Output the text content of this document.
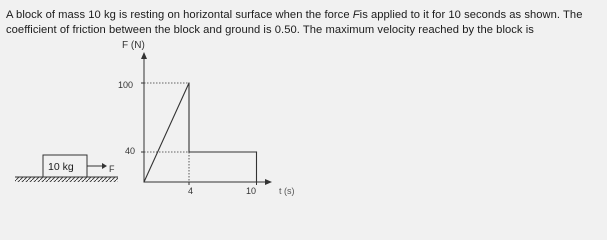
A block of mass 10 kg is resting on horizontal surface when the force Fis applied to it for 10 seconds as shown. The

coefficient of friction between the block and ground is 0.50. The maximum velocity reached by the block is

10 kg	F
F (N)
t (s)
100
40
4	10
